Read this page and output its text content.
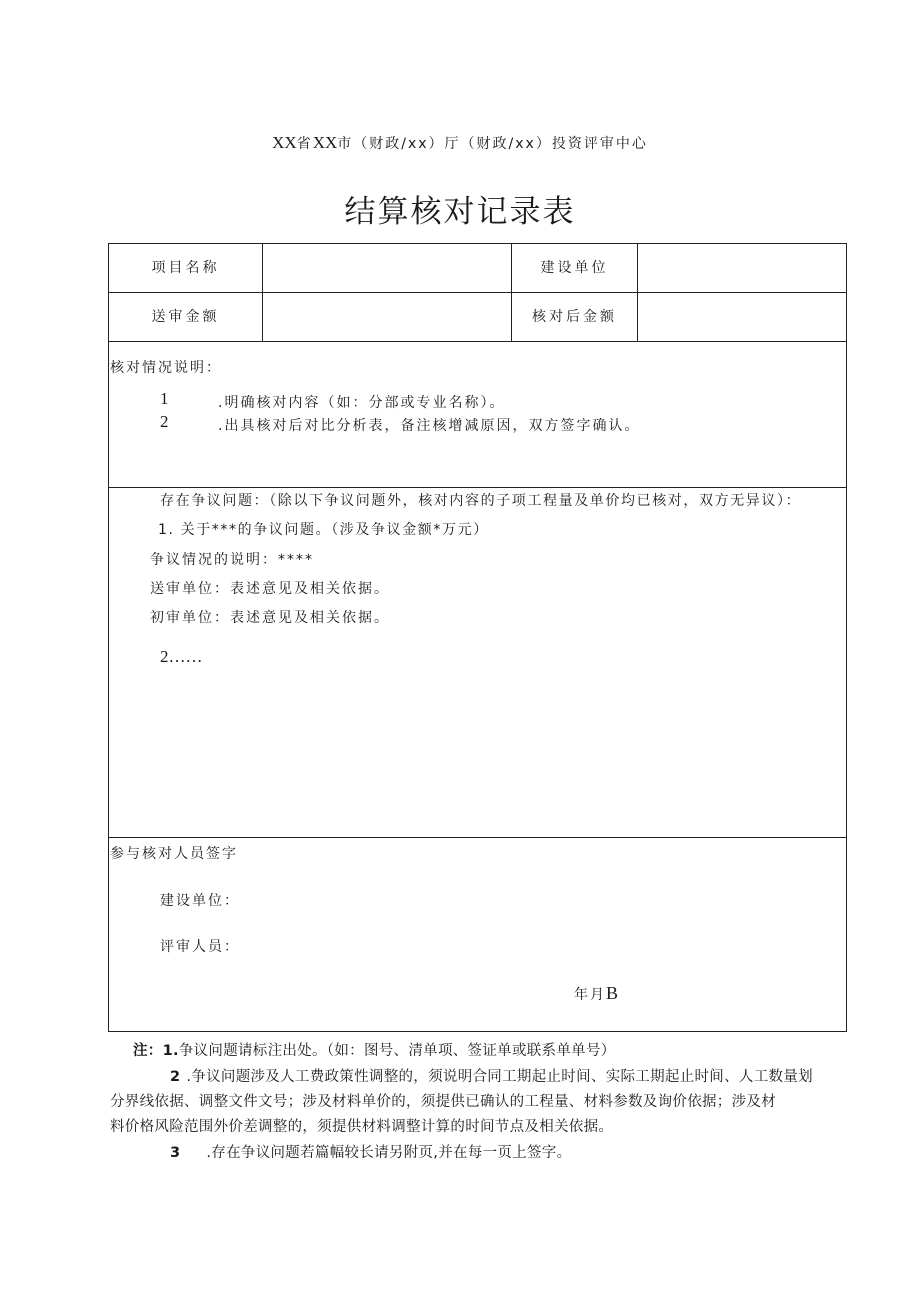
XX省XX市（财政/xx）厅（财政/xx）投资评审中心
结算核对记录表
项目名称	建设单位
送审金额	核对后金额
核对情况说明：
1	.明确核对内容（如：分部或专业名称）。
2	.出具核对后对比分析表，备注核增减原因，双方签字确认。
存在争议问题：（除以下争议问题外，核对内容的子项工程量及单价均已核对，双方无异议）：
1. 关于***的争议问题。（涉及争议金额*万元）
争议情况的说明：****
送审单位：表述意见及相关依据。
初审单位：表述意见及相关依据。
2……
参与核对人员签字
建设单位：
评审人员：
年月B
注：1.争议问题请标注出处。（如：图号、清单项、签证单或联系单单号）
2 .争议问题涉及人工费政策性调整的，须说明合同工期起止时间、实际工期起止时间、人工数量划
分界线依据、调整文件文号；涉及材料单价的，须提供已确认的工程量、材料参数及询价依据；涉及材
料价格风险范围外价差调整的，须提供材料调整计算的时间节点及相关依据。
3 .存在争议问题若篇幅较长请另附页,并在每一页上签字。
